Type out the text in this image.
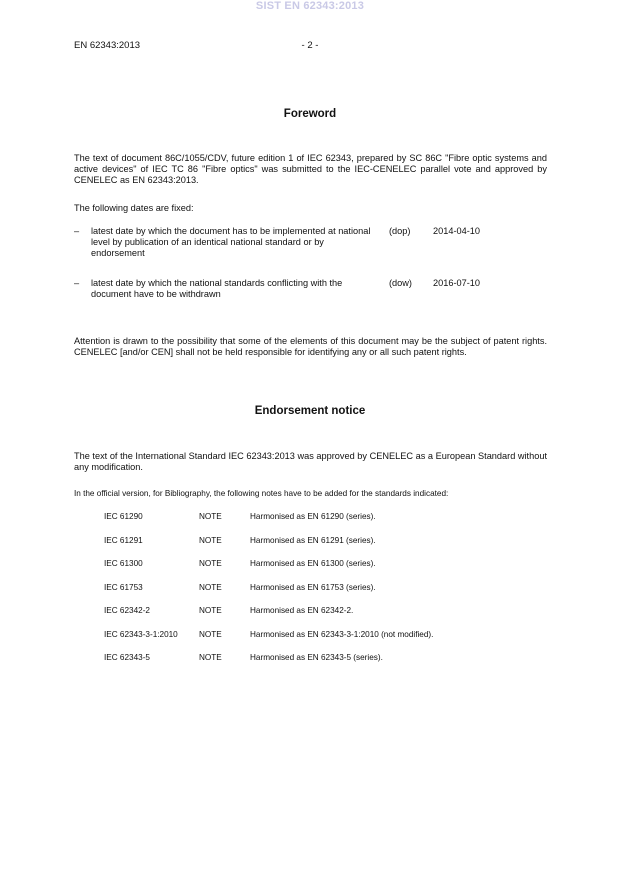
SIST EN 62343:2013
EN 62343:2013	- 2 -
Foreword

The text of document 86C/1055/CDV, future edition 1 of IEC 62343, prepared by SC 86C "Fibre optic systems and active devices" of IEC TC 86 "Fibre optics" was submitted to the IEC-CENELEC parallel vote and approved by CENELEC as EN 62343:2013.

The following dates are fixed:
– latest date by which the document has to be implemented at national level by publication of an identical national standard or by endorsement
(dop) 2014-04-10
– latest date by which the national standards conflicting with the document have to be withdrawn
(dow) 2016-07-10

Attention is drawn to the possibility that some of the elements of this document may be the subject of patent rights. CENELEC [and/or CEN] shall not be held responsible for identifying any or all such patent rights.

Endorsement notice

The text of the International Standard IEC 62343:2013 was approved by CENELEC as a European Standard without any modification.

In the official version, for Bibliography, the following notes have to be added for the standards indicated:
IEC 61290	NOTE	Harmonised as EN 61290 (series).
IEC 61291	NOTE	Harmonised as EN 61291 (series).
IEC 61300	NOTE	Harmonised as EN 61300 (series).
IEC 61753	NOTE	Harmonised as EN 61753 (series).
IEC 62342-2	NOTE	Harmonised as EN 62342-2.
IEC 62343-3-1:2010	NOTE	Harmonised as EN 62343-3-1:2010 (not modified).
IEC 62343-5	NOTE	Harmonised as EN 62343-5 (series).
